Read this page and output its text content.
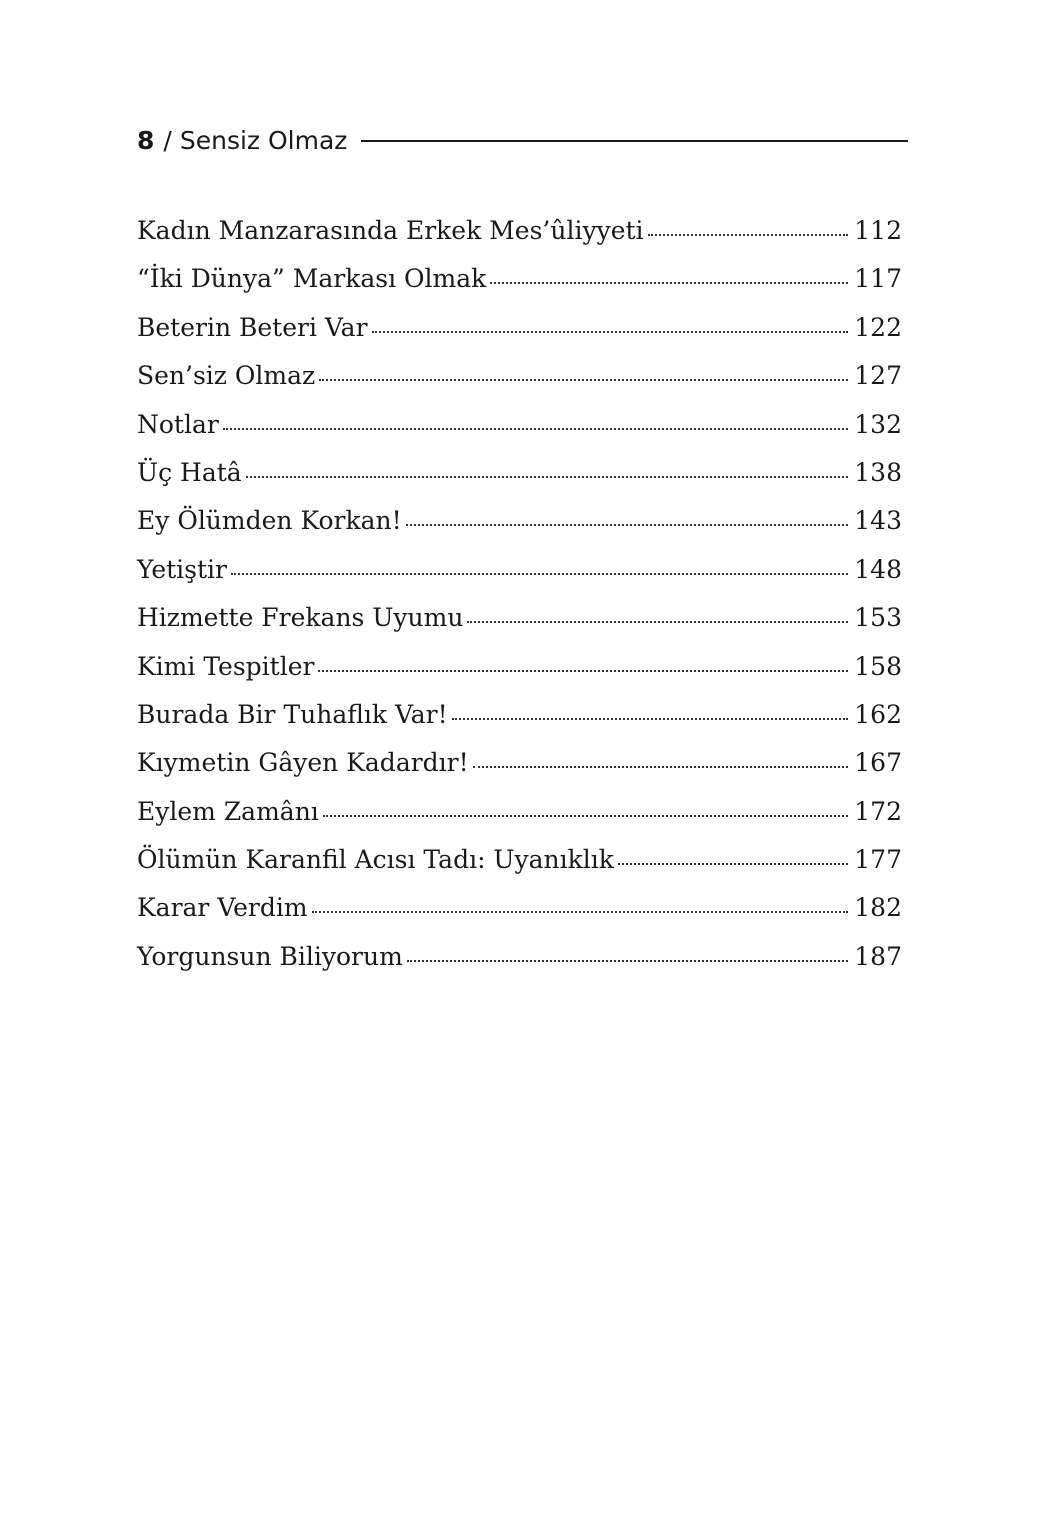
8 / Sensiz Olmaz
Kadın Manzarasında Erkek Mes’ûliyyeti	112
“İki Dünya” Markası Olmak	117
Beterin Beteri Var	122
Sen’siz Olmaz	127
Notlar	132
Üç Hatâ	138
Ey Ölümden Korkan!	143
Yetiştir	148
Hizmette Frekans Uyumu	153
Kimi Tespitler	158
Burada Bir Tuhaflık Var!	162
Kıymetin Gâyen Kadardır!	167
Eylem Zamânı	172
Ölümün Karanfil Acısı Tadı: Uyanıklık	177
Karar Verdim	182
Yorgunsun Biliyorum	187
